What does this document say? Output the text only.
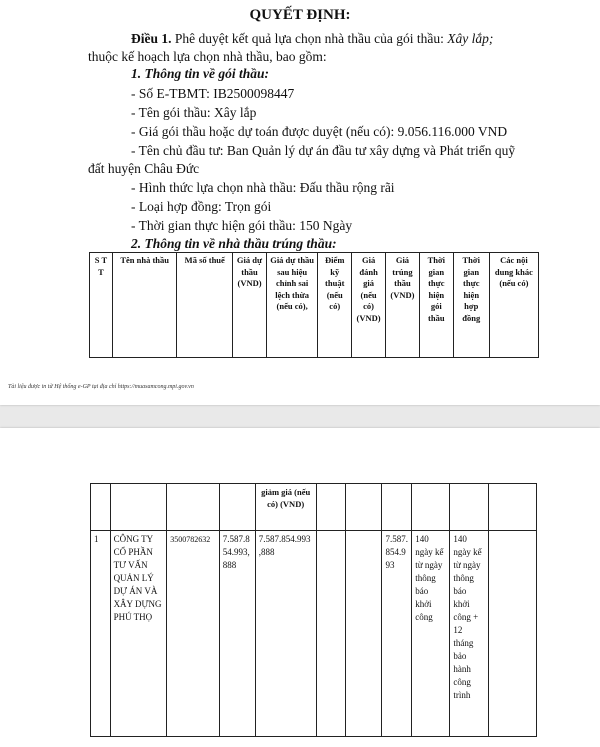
QUYẾT ĐỊNH:
Điều 1. Phê duyệt kết quả lựa chọn nhà thầu của gói thầu: Xây lắp;
thuộc kế hoạch lựa chọn nhà thầu, bao gồm:
1. Thông tin về gói thầu:
- Số E-TBMT: IB2500098447
- Tên gói thầu: Xây lắp
- Giá gói thầu hoặc dự toán được duyệt (nếu có): 9.056.116.000 VND
- Tên chủ đầu tư: Ban Quản lý dự án đầu tư xây dựng và Phát triển quỹ
đất huyện Châu Đức
- Hình thức lựa chọn nhà thầu: Đấu thầu rộng rãi
- Loại hợp đồng: Trọn gói
- Thời gian thực hiện gói thầu: 150 Ngày
2. Thông tin về nhà thầu trúng thầu:
S T T	Tên nhà thầu	Mã số thuế	Giá dự thầu (VND)	Giá dự thầu sau hiệu chỉnh sai lệch thừa (nếu có),	Điểm kỹ thuật (nếu có)	Giá đánh giá (nếu có) (VND)	Giá trúng thầu (VND)	Thời gian thực hiện gói thầu	Thời gian thực hiện hợp đồng	Các nội dung khác (nếu có)
Tài liệu được in từ Hệ thống e-GP tại địa chỉ https://muasamcong.mpi.gov.vn
				giảm giá (nếu có) (VND)						
1	CÔNG TY CỔ PHẦN TƯ VẤN QUẢN LÝ DỰ ÁN VÀ XÂY DỰNG PHÚ THỌ	3500782632	7.587.854.993,888	7.587.854.993,888			7.587.854.993	140 ngày kể từ ngày thông báo khởi công	140 ngày kể từ ngày thông báo khởi công + 12 tháng bảo hành công trình	
